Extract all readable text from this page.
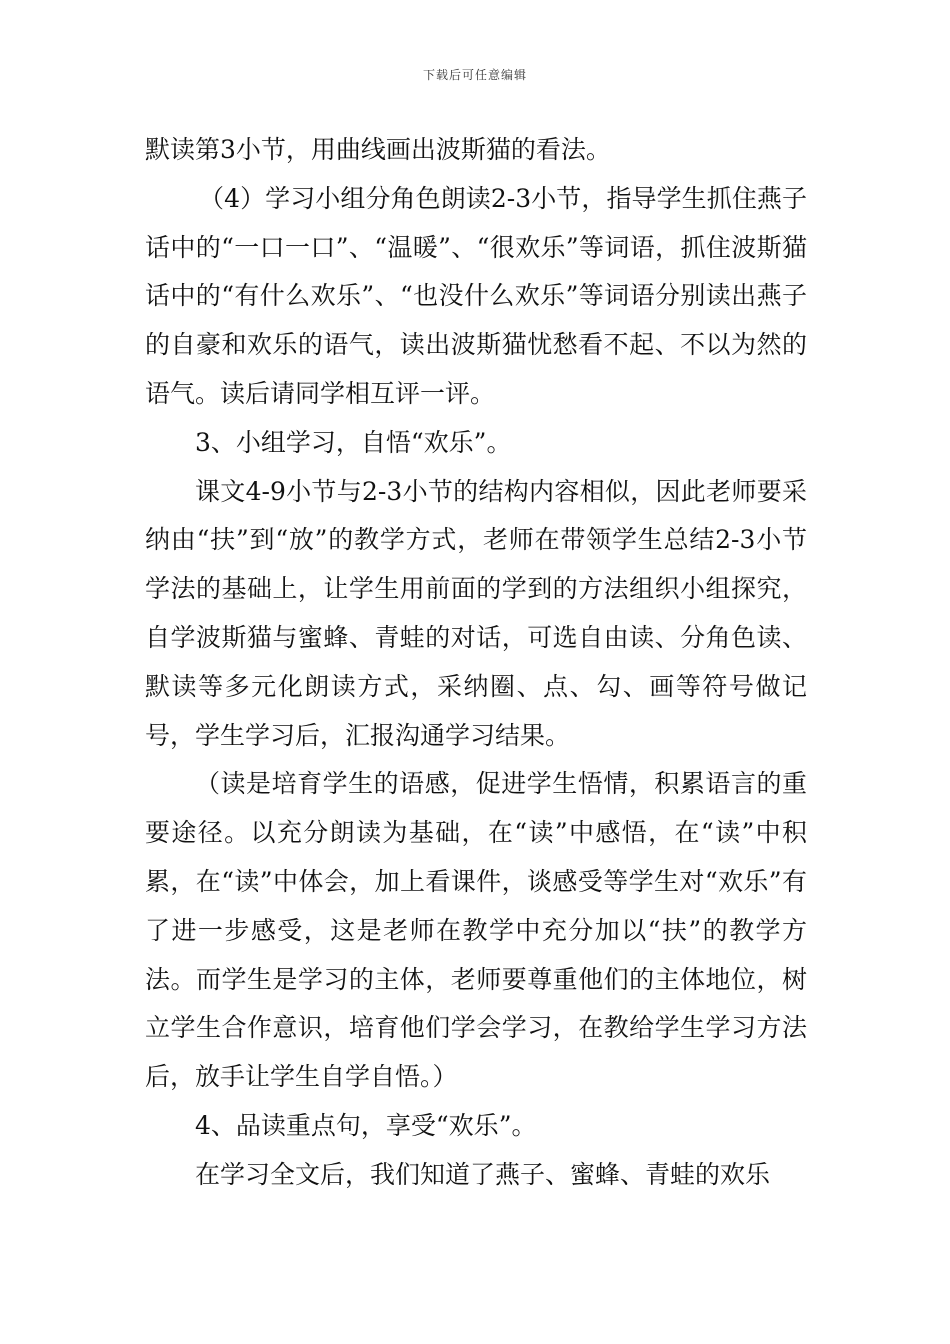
下载后可任意编辑

默读第3小节，用曲线画出波斯猫的看法。

（4）学习小组分角色朗读2-3小节，指导学生抓住燕子话中的“一口一口”、“温暖”、“很欢乐”等词语，抓住波斯猫话中的“有什么欢乐”、“也没什么欢乐”等词语分别读出燕子的自豪和欢乐的语气，读出波斯猫忧愁看不起、不以为然的语气。读后请同学相互评一评。

3、小组学习，自悟“欢乐”。

课文4-9小节与2-3小节的结构内容相似，因此老师要采纳由“扶”到“放”的教学方式，老师在带领学生总结2-3小节学法的基础上，让学生用前面的学到的方法组织小组探究，自学波斯猫与蜜蜂、青蛙的对话，可选自由读、分角色读、默读等多元化朗读方式，采纳圈、点、勾、画等符号做记号，学生学习后，汇报沟通学习结果。

（读是培育学生的语感，促进学生悟情，积累语言的重要途径。以充分朗读为基础，在“读”中感悟，在“读”中积累，在“读”中体会，加上看课件，谈感受等学生对“欢乐”有了进一步感受，这是老师在教学中充分加以“扶”的教学方法。而学生是学习的主体，老师要尊重他们的主体地位，树立学生合作意识，培育他们学会学习，在教给学生学习方法后，放手让学生自学自悟。）

4、品读重点句，享受“欢乐”。

在学习全文后，我们知道了燕子、蜜蜂、青蛙的欢乐
